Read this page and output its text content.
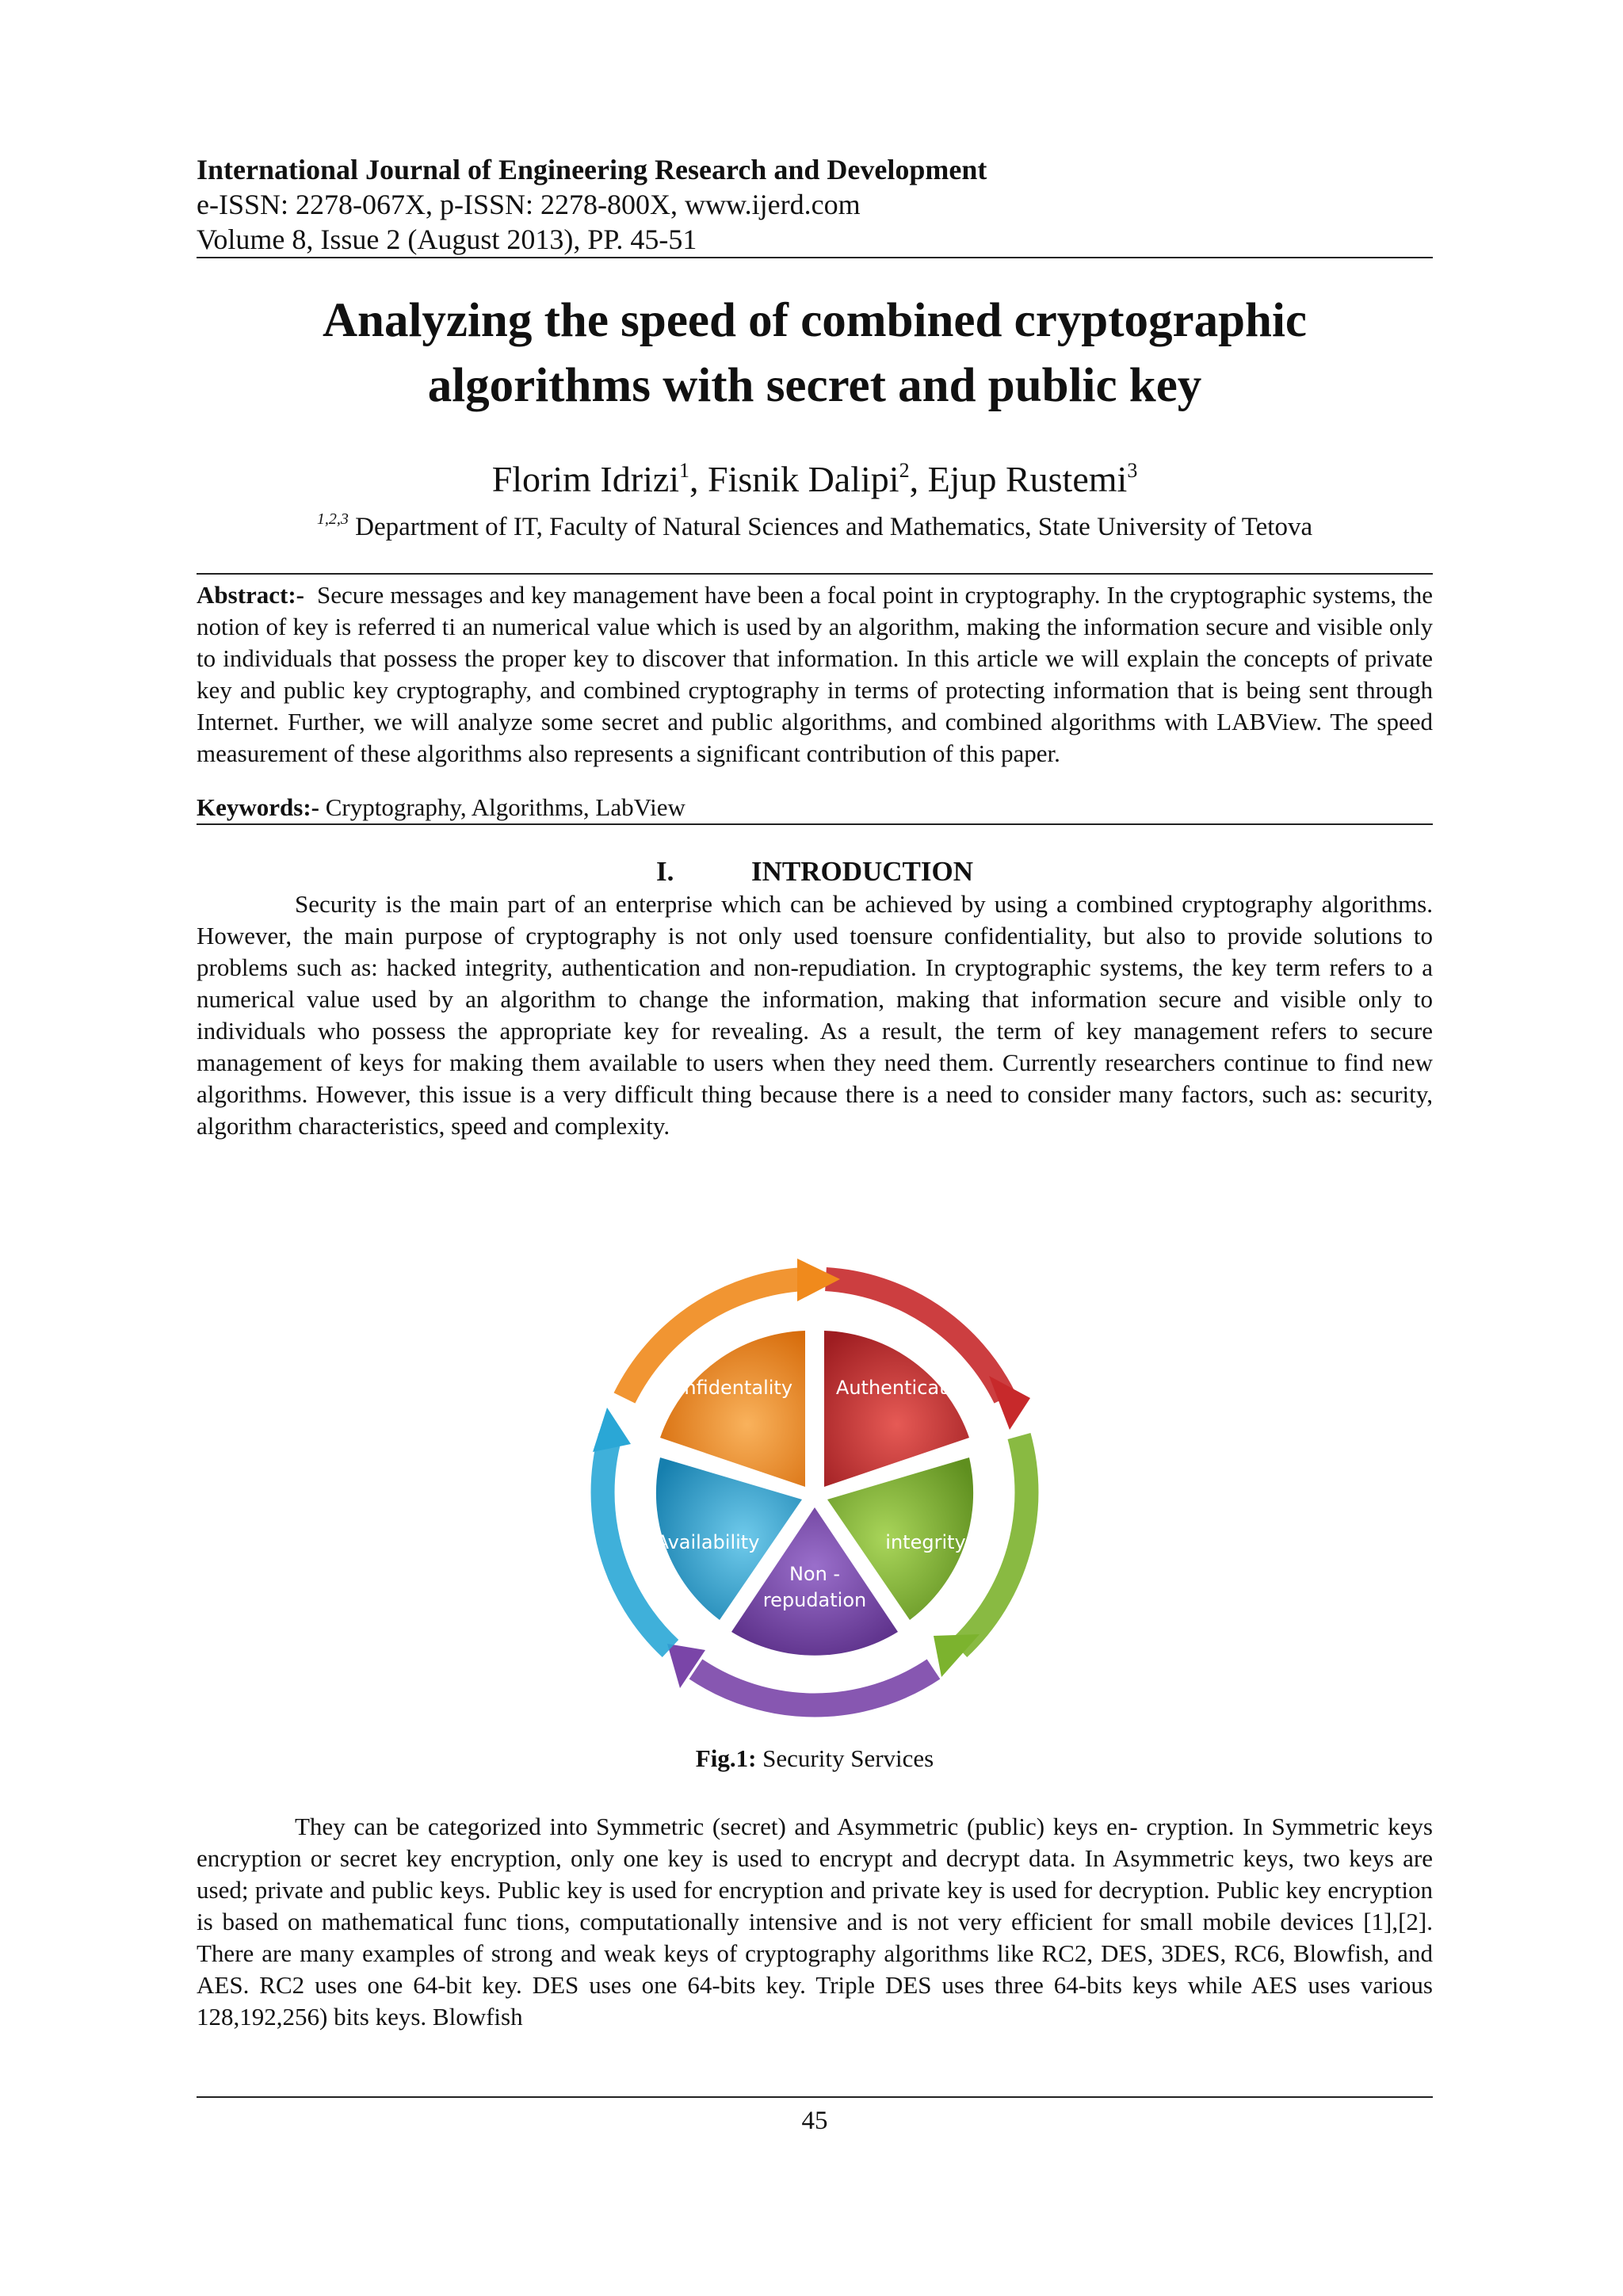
International Journal of Engineering Research and Development

e-ISSN: 2278-067X, p-ISSN: 2278-800X, www.ijerd.com

Volume 8, Issue 2 (August 2013), PP. 45-51

Analyzing the speed of combined cryptographic
algorithms with secret and public key
Florim Idrizi$^1$, Fisnik Dalipi$^2$, Ejup Rustemi$^3$
$^{1,2,3}$ Department of IT, Faculty of Natural Sciences and Mathematics, State University of Tetova

Abstract:- Secure messages and key management have been a focal point in cryptography. In the cryptographic systems, the notion of key is referred ti an numerical value which is used by an algorithm, making the information secure and visible only to individuals that possess the proper key to discover that information. In this article we will explain the concepts of private key and public key cryptography, and combined cryptography in terms of protecting information that is being sent through Internet. Further, we will analyze some secret and public algorithms, and combined algorithms with LABView. The speed measurement of these algorithms also represents a significant contribution of this paper.

Keywords:- Cryptography, Algorithms, LabView
I.	INTRODUCTION

Security is the main part of an enterprise which can be achieved by using a combined cryptography algorithms. However, the main purpose of cryptography is not only used toensure confidentiality, but also to provide solutions to problems such as: hacked integrity, authentication and non-repudiation. In cryptographic systems, the key term refers to a numerical value used by an algorithm to change the information, making that information secure and visible only to individuals who possess the appropriate key for revealing. As a result, the term of key management refers to secure management of keys for making them available to users when they need them. Currently researchers continue to find new algorithms. However, this issue is a very difficult thing because there is a need to consider many factors, such as: security, algorithm characteristics, speed and complexity.

Authentication
integrity
Non -
repudation
Availability
Confidentality
Fig.1: Security Services

They can be categorized into Symmetric (secret) and Asymmetric (public) keys en- cryption. In Symmetric keys encryption or secret key encryption, only one key is used to encrypt and decrypt data. In Asymmetric keys, two keys are used; private and public keys. Public key is used for encryption and private key is used for decryption. Public key encryption is based on mathematical func tions, computationally intensive and is not very efficient for small mobile devices [1],[2]. There are many examples of strong and weak keys of cryptography algorithms like RC2, DES, 3DES, RC6, Blowfish, and AES. RC2 uses one 64-bit key. DES uses one 64-bits key. Triple DES uses three 64-bits keys while AES uses various 128,192,256) bits keys. Blowfish

45
